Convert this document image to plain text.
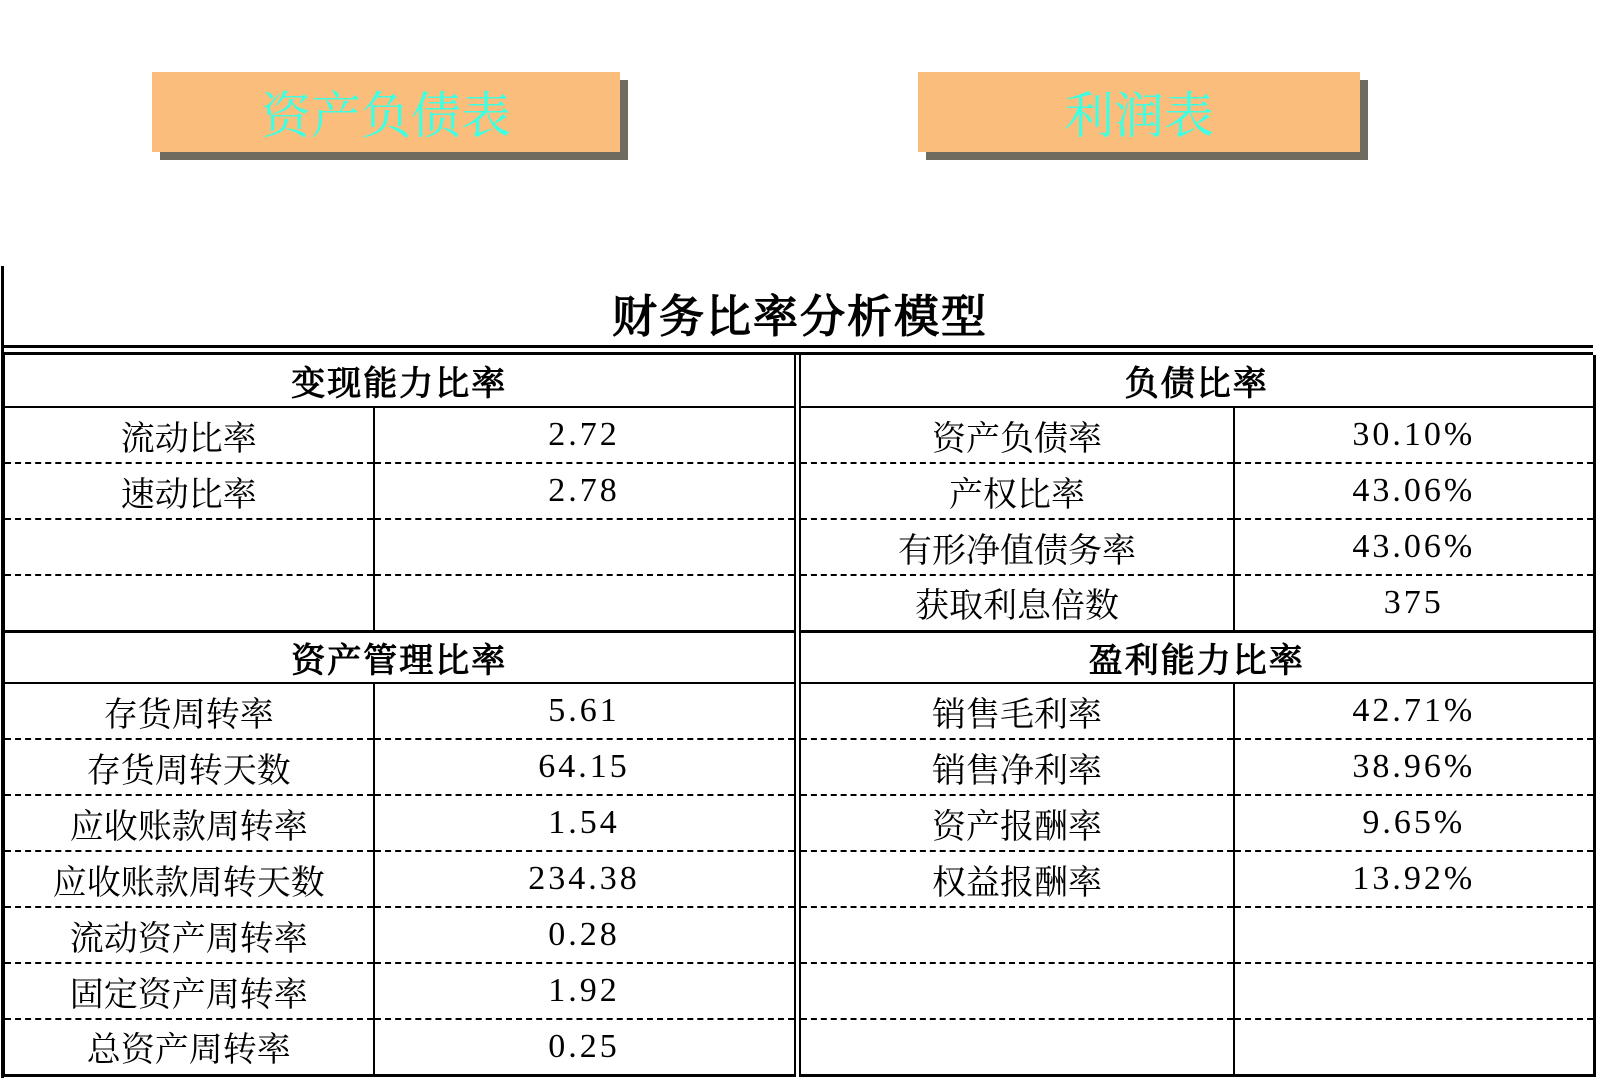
资产负债表	利润表
财务比率分析模型
变现能力比率	
流动比率	2.72
速动比率	2.78

资产管理比率	
存货周转率	5.61
存货周转天数	64.15
应收账款周转率	1.54
应收账款周转天数	234.38
流动资产周转率	0.28
固定资产周转率	1.92
总资产周转率	0.25
负债比率	
资产负债率	30.10%
产权比率	43.06%
有形净值债务率	43.06%
获取利息倍数	375
盈利能力比率	
销售毛利率	42.71%
销售净利率	38.96%
资产报酬率	9.65%
权益报酬率	13.92%
